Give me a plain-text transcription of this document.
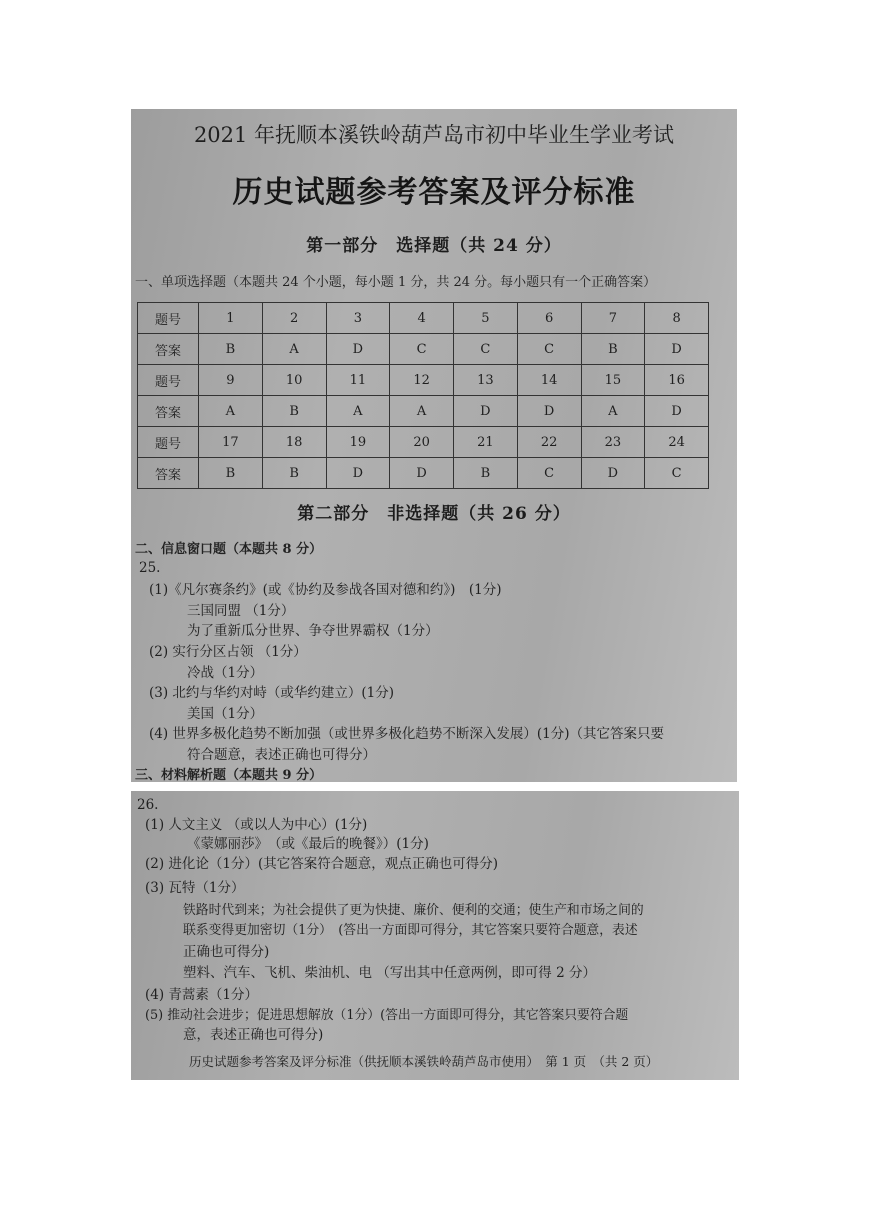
2021 年抚顺本溪铁岭葫芦岛市初中毕业生学业考试
历史试题参考答案及评分标准
第一部分　选择题（共 24 分）
一、单项选择题（本题共 24 个小题，每小题 1 分，共 24 分。每小题只有一个正确答案）
题号	1	2	3	4	5	6	7	8
答案	B	A	D	C	C	C	B	D
题号	9	10	11	12	13	14	15	16
答案	A	B	A	A	D	D	A	D
题号	17	18	19	20	21	22	23	24
答案	B	B	D	D	B	C	D	C
第二部分　非选择题（共 26 分）
二、信息窗口题（本题共 8 分）
25.
(1)《凡尔赛条约》(或《协约及参战各国对德和约》)　(1分)
三国同盟 （1分）
为了重新瓜分世界、争夺世界霸权（1分）
(2) 实行分区占领 （1分）
冷战（1分）
(3) 北约与华约对峙（或华约建立）(1分)
美国（1分）
(4) 世界多极化趋势不断加强（或世界多极化趋势不断深入发展）(1分)（其它答案只要
符合题意，表述正确也可得分）
三、材料解析题（本题共 9 分）
26.
(1) 人文主义 （或以人为中心）(1分)
《蒙娜丽莎》　（或《最后的晚餐》）(1分)
(2) 进化论（1分）(其它答案符合题意，观点正确也可得分)
(3) 瓦特（1分）
铁路时代到来；为社会提供了更为快捷、廉价、便利的交通；使生产和市场之间的
联系变得更加密切（1分）　(答出一方面即可得分，其它答案只要符合题意，表述
正确也可得分)
塑料、汽车、飞机、柴油机、电 （写出其中任意两例，即可得 2 分）
(4) 青蒿素（1分）
(5) 推动社会进步；促进思想解放（1分）(答出一方面即可得分，其它答案只要符合题
意，表述正确也可得分)
历史试题参考答案及评分标准（供抚顺本溪铁岭葫芦岛市使用）　第 1 页　（共 2 页）
